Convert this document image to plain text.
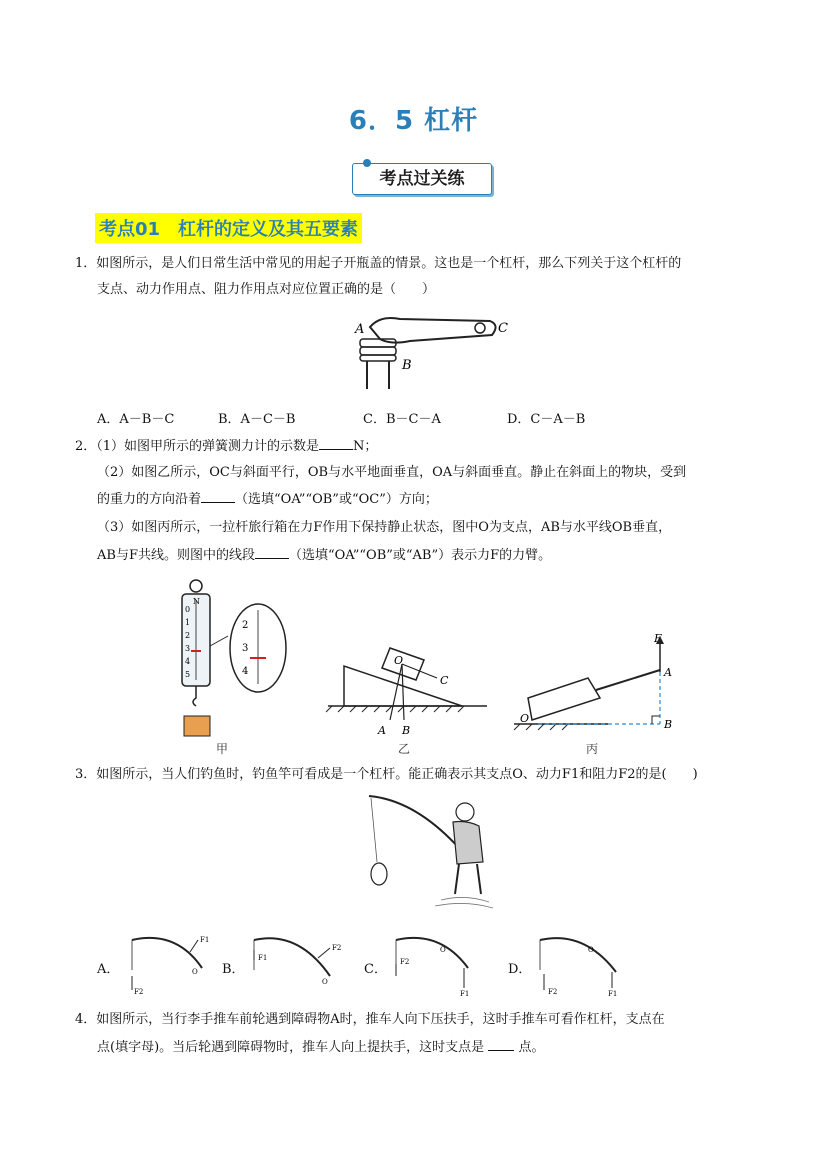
6．5 杠杆
考点过关练
考点01　杠杆的定义及其五要素
1．如图所示，是人们日常生活中常见的用起子开瓶盖的情景。这也是一个杠杆，那么下列关于这个杠杆的
支点、动力作用点、阻力作用点对应位置正确的是（　　）
A
B
C
A．A－B－C	B．A－C－B	C．B－C－A	D．C－A－B
2．（1）如图甲所示的弹簧测力计的示数是	N；
（2）如图乙所示，OC与斜面平行，OB与水平地面垂直，OA与斜面垂直。静止在斜面上的物块，受到
的重力的方向沿着	（选填“OA”“OB”或“OC”）方向；
（3）如图丙所示，一拉杆旅行箱在力F作用下保持静止状态，图中O为支点，AB与水平线OB垂直，
AB与F共线。则图中的线段	（选填“OA”“OB”或“AB”）表示力F的力臂。
N
0
1
2
3
4
5
2
3
4
甲
O
C
A B
乙
F
A
B
O
丙
3．如图所示，当人们钓鱼时，钓鱼竿可看成是一个杠杆。能正确表示其支点O、动力F1和阻力F2的是(　　)
A．
F1
F2
O B．
F2
F1
O
C． F2
F1
O
D．
F2	F1
O
4．如图所示，当行李手推车前轮遇到障碍物A时，推车人向下压扶手，这时手推车可看作杠杆，支点在
点(填字母)。当后轮遇到障碍物时，推车人向上提扶手，这时支点是	点。
